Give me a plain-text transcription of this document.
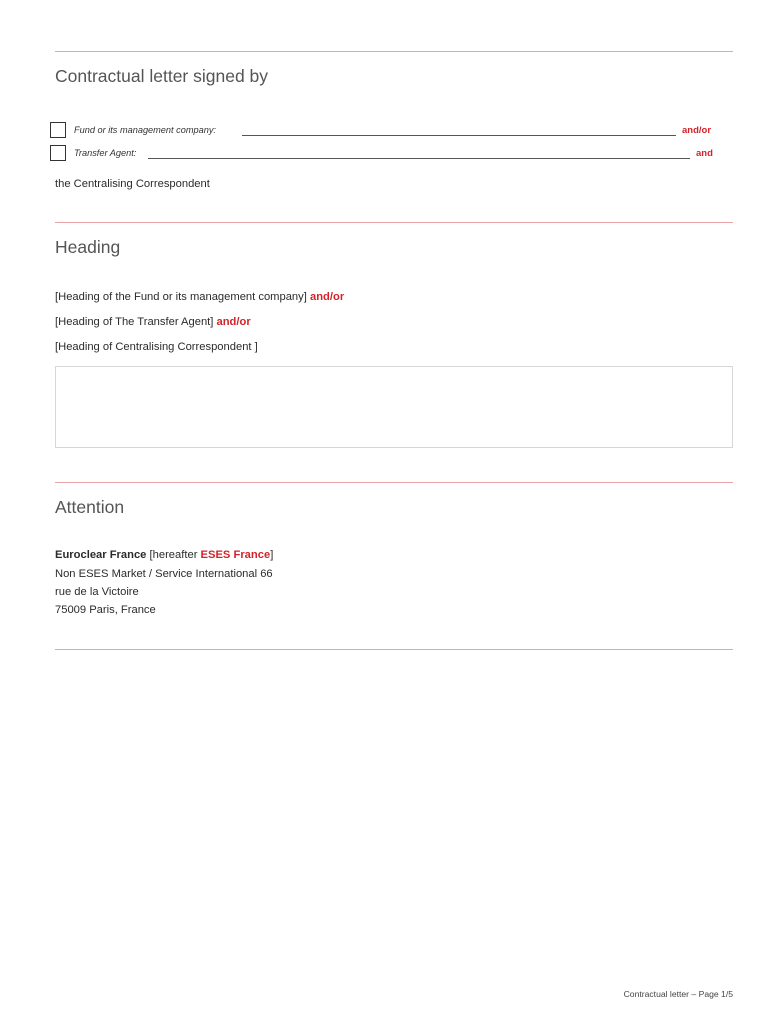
Contractual letter signed by
Fund or its management company:	and/or
Transfer Agent:	and
the Centralising Correspondent
Heading
[Heading of the Fund or its management company] and/or
[Heading of The Transfer Agent] and/or
[Heading of Centralising Correspondent ]
Attention
Euroclear France [hereafter ESES France]
Non ESES Market / Service International 66
rue de la Victoire
75009 Paris, France
Contractual letter – Page 1/5
